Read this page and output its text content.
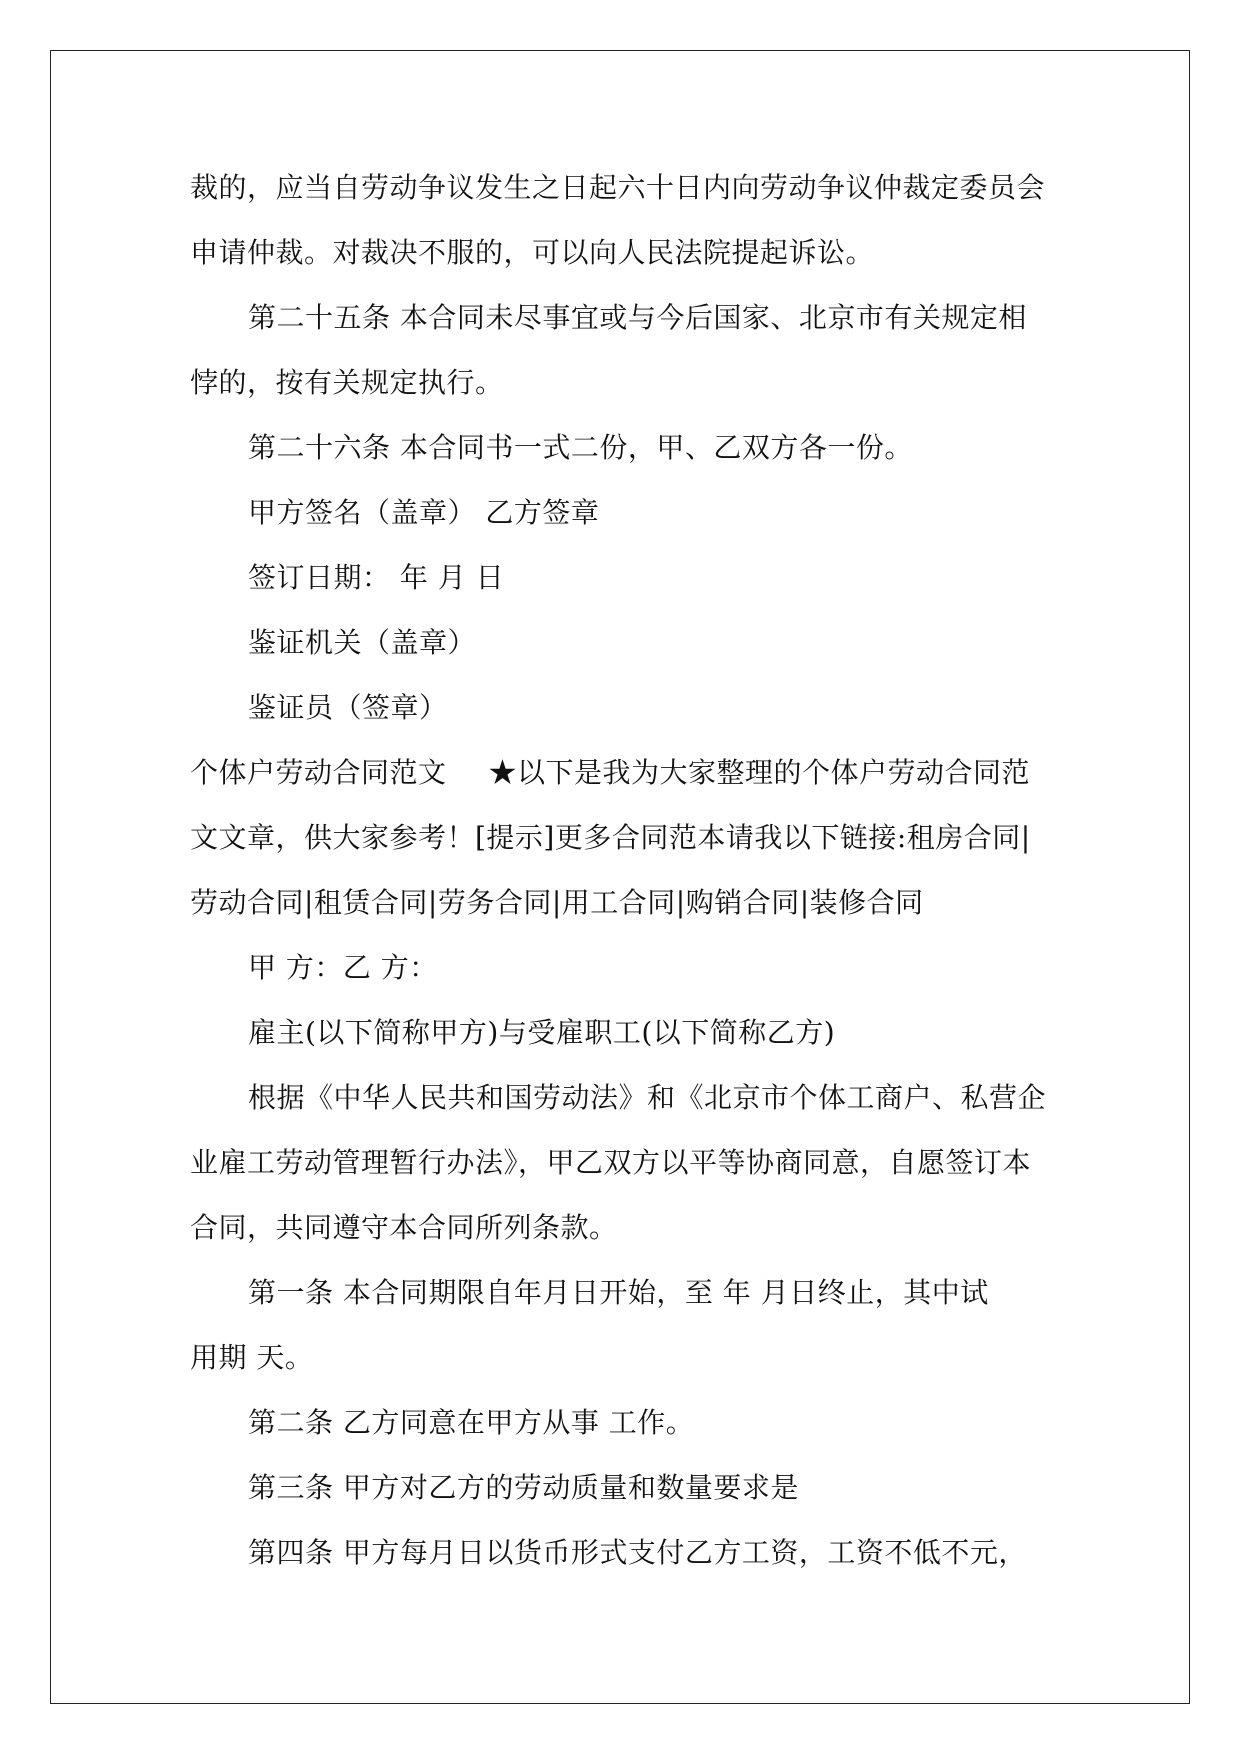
裁的，应当自劳动争议发生之日起六十日内向劳动争议仲裁定委员会
申请仲裁。对裁决不服的，可以向人民法院提起诉讼。
第二十五条 本合同未尽事宜或与今后国家、北京市有关规定相
悖的，按有关规定执行。
第二十六条 本合同书一式二份，甲、乙双方各一份。
甲方签名（盖章） 乙方签章
签订日期： 年 月 日
鉴证机关（盖章）
鉴证员（签章）
个体户劳动合同范文 ★以下是我为大家整理的个体户劳动合同范
文文章，供大家参考！[提示]更多合同范本请我以下链接:租房合同|
劳动合同|租赁合同|劳务合同|用工合同|购销合同|装修合同
甲 方：乙 方：
雇主(以下简称甲方)与受雇职工(以下简称乙方)
根据《中华人民共和国劳动法》和《北京市个体工商户、私营企
业雇工劳动管理暂行办法》，甲乙双方以平等协商同意，自愿签订本
合同，共同遵守本合同所列条款。
第一条 本合同期限自年月日开始，至 年 月日终止，其中试
用期 天。
第二条 乙方同意在甲方从事 工作。
第三条 甲方对乙方的劳动质量和数量要求是
第四条 甲方每月日以货币形式支付乙方工资，工资不低不元，
